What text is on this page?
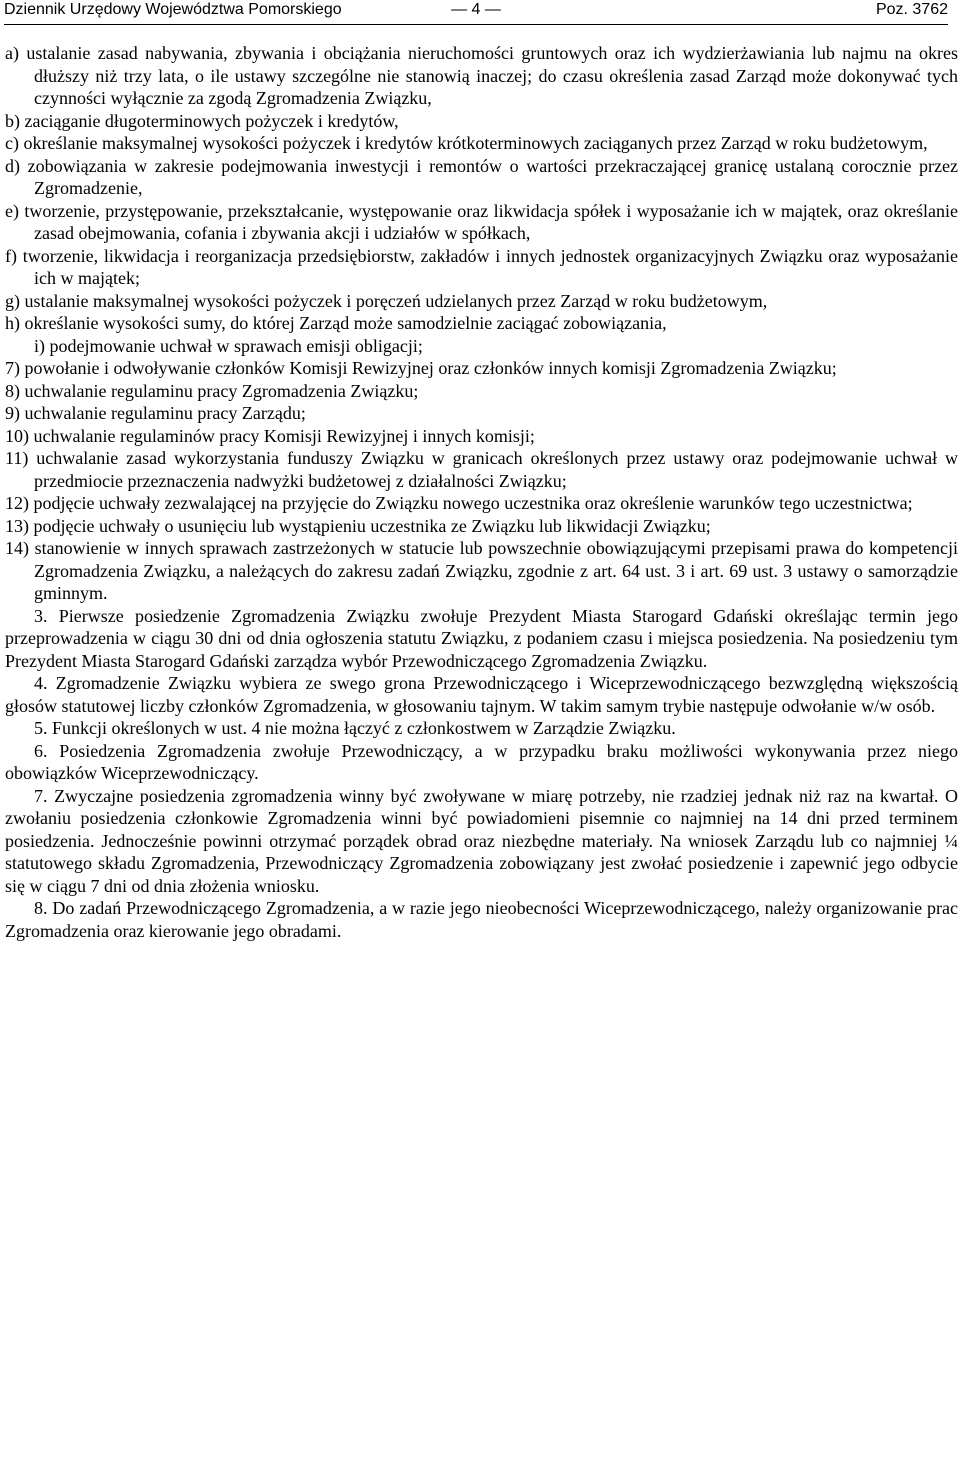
Dziennik Urzędowy Województwa Pomorskiego	— 4 —	Poz. 3762

a) ustalanie zasad nabywania, zbywania i obciążania nieruchomości gruntowych oraz ich wydzierżawiania lub najmu na okres dłuższy niż trzy lata, o ile ustawy szczególne nie stanowią inaczej; do czasu określenia zasad Zarząd może dokonywać tych czynności wyłącznie za zgodą Zgromadzenia Związku,

b) zaciąganie długoterminowych pożyczek i kredytów,

c) określanie maksymalnej wysokości pożyczek i kredytów krótkoterminowych zaciąganych przez Zarząd w roku budżetowym,

d) zobowiązania w zakresie podejmowania inwestycji i remontów o wartości przekraczającej granicę ustalaną corocznie przez Zgromadzenie,

e) tworzenie, przystępowanie, przekształcanie, występowanie oraz likwidacja spółek i wyposażanie ich w majątek, oraz określanie zasad obejmowania, cofania i zbywania akcji i udziałów w spółkach,

f) tworzenie, likwidacja i reorganizacja przedsiębiorstw, zakładów i innych jednostek organizacyjnych Związku oraz wyposażanie ich w majątek;

g) ustalanie maksymalnej wysokości pożyczek i poręczeń udzielanych przez Zarząd w roku budżetowym,

h) określanie wysokości sumy, do której Zarząd może samodzielnie zaciągać zobowiązania,

i) podejmowanie uchwał w sprawach emisji obligacji;

7) powołanie i odwoływanie członków Komisji Rewizyjnej oraz członków innych komisji Zgromadzenia Związku;

8) uchwalanie regulaminu pracy Zgromadzenia Związku;

9) uchwalanie regulaminu pracy Zarządu;

10) uchwalanie regulaminów pracy Komisji Rewizyjnej i innych komisji;

11) uchwalanie zasad wykorzystania funduszy Związku w granicach określonych przez ustawy oraz podejmowanie uchwał w przedmiocie przeznaczenia nadwyżki budżetowej z działalności Związku;

12) podjęcie uchwały zezwalającej na przyjęcie do Związku nowego uczestnika oraz określenie warunków tego uczestnictwa;

13) podjęcie uchwały o usunięciu lub wystąpieniu uczestnika ze Związku lub likwidacji Związku;

14) stanowienie w innych sprawach zastrzeżonych w statucie lub powszechnie obowiązującymi przepisami prawa do kompetencji Zgromadzenia Związku, a należących do zakresu zadań Związku, zgodnie z art. 64 ust. 3 i art. 69 ust. 3 ustawy o samorządzie gminnym.

3. Pierwsze posiedzenie Zgromadzenia Związku zwołuje Prezydent Miasta Starogard Gdański określając termin jego przeprowadzenia w ciągu 30 dni od dnia ogłoszenia statutu Związku, z podaniem czasu i miejsca posiedzenia. Na posiedzeniu tym Prezydent Miasta Starogard Gdański zarządza wybór Przewodniczącego Zgromadzenia Związku.

4. Zgromadzenie Związku wybiera ze swego grona Przewodniczącego i Wiceprzewodniczącego bezwzględną większością głosów statutowej liczby członków Zgromadzenia, w głosowaniu tajnym. W takim samym trybie następuje odwołanie w/w osób.

5. Funkcji określonych w ust. 4 nie można łączyć z członkostwem w Zarządzie Związku.

6. Posiedzenia Zgromadzenia zwołuje Przewodniczący, a w przypadku braku możliwości wykonywania przez niego obowiązków Wiceprzewodniczący.

7. Zwyczajne posiedzenia zgromadzenia winny być zwoływane w miarę potrzeby, nie rzadziej jednak niż raz na kwartał. O zwołaniu posiedzenia członkowie Zgromadzenia winni być powiadomieni pisemnie co najmniej na 14 dni przed terminem posiedzenia. Jednocześnie powinni otrzymać porządek obrad oraz niezbędne materiały. Na wniosek Zarządu lub co najmniej ¼ statutowego składu Zgromadzenia, Przewodniczący Zgromadzenia zobowiązany jest zwołać posiedzenie i zapewnić jego odbycie się w ciągu 7 dni od dnia złożenia wniosku.

8. Do zadań Przewodniczącego Zgromadzenia, a w razie jego nieobecności Wiceprzewodniczącego, należy organizowanie prac Zgromadzenia oraz kierowanie jego obradami.
